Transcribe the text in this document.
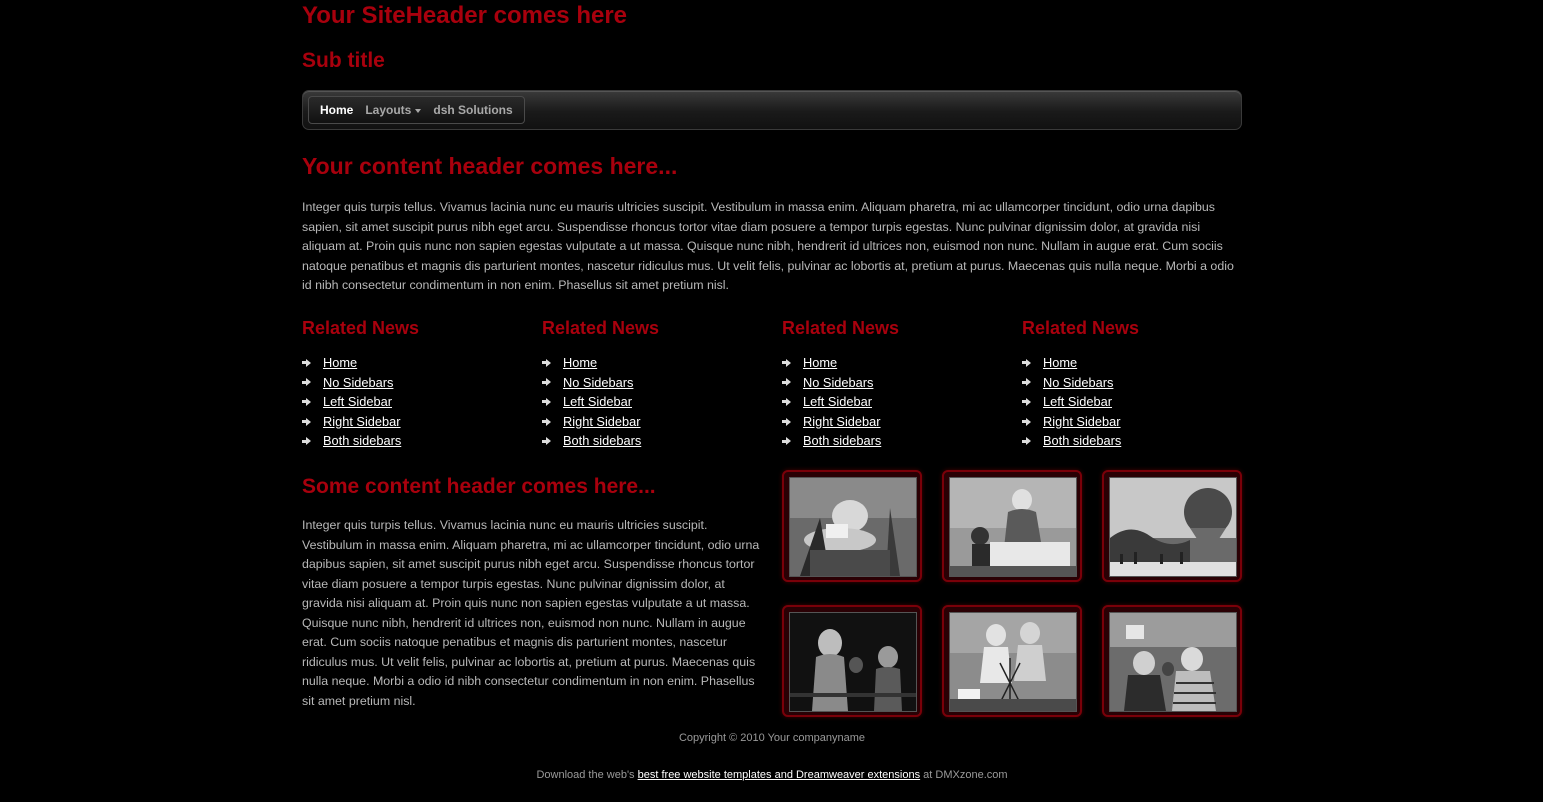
Your SiteHeader comes here
Sub title
Home	Layouts	dsh Solutions
Your content header comes here...

Integer quis turpis tellus. Vivamus lacinia nunc eu mauris ultricies suscipit. Vestibulum in massa enim. Aliquam pharetra, mi ac ullamcorper tincidunt, odio urna dapibus sapien, sit amet suscipit purus nibh eget arcu. Suspendisse rhoncus tortor vitae diam posuere a tempor turpis egestas. Nunc pulvinar dignissim dolor, at gravida nisi aliquam at. Proin quis nunc non sapien egestas vulputate a ut massa. Quisque nunc nibh, hendrerit id ultrices non, euismod non nunc. Nullam in augue erat. Cum sociis natoque penatibus et magnis dis parturient montes, nascetur ridiculus mus. Ut velit felis, pulvinar ac lobortis at, pretium at purus. Maecenas quis nulla neque. Morbi a odio id nibh consectetur condimentum in non enim. Phasellus sit amet pretium nisl.

Related News
Home
No Sidebars
Left Sidebar
Right Sidebar
Both sidebars
Related News
Home
No Sidebars
Left Sidebar
Right Sidebar
Both sidebars
Related News
Home
No Sidebars
Left Sidebar
Right Sidebar
Both sidebars
Related News
Home
No Sidebars
Left Sidebar
Right Sidebar
Both sidebars
Some content header comes here...

Integer quis turpis tellus. Vivamus lacinia nunc eu mauris ultricies suscipit. Vestibulum in massa enim. Aliquam pharetra, mi ac ullamcorper tincidunt, odio urna dapibus sapien, sit amet suscipit purus nibh eget arcu. Suspendisse rhoncus tortor vitae diam posuere a tempor turpis egestas. Nunc pulvinar dignissim dolor, at gravida nisi aliquam at. Proin quis nunc non sapien egestas vulputate a ut massa. Quisque nunc nibh, hendrerit id ultrices non, euismod non nunc. Nullam in augue erat. Cum sociis natoque penatibus et magnis dis parturient montes, nascetur ridiculus mus. Ut velit felis, pulvinar ac lobortis at, pretium at purus. Maecenas quis nulla neque. Morbi a odio id nibh consectetur condimentum in non enim. Phasellus sit amet pretium nisl.

Copyright © 2010 Your companyname
Download the web's best free website templates and Dreamweaver extensions at DMXzone.com
